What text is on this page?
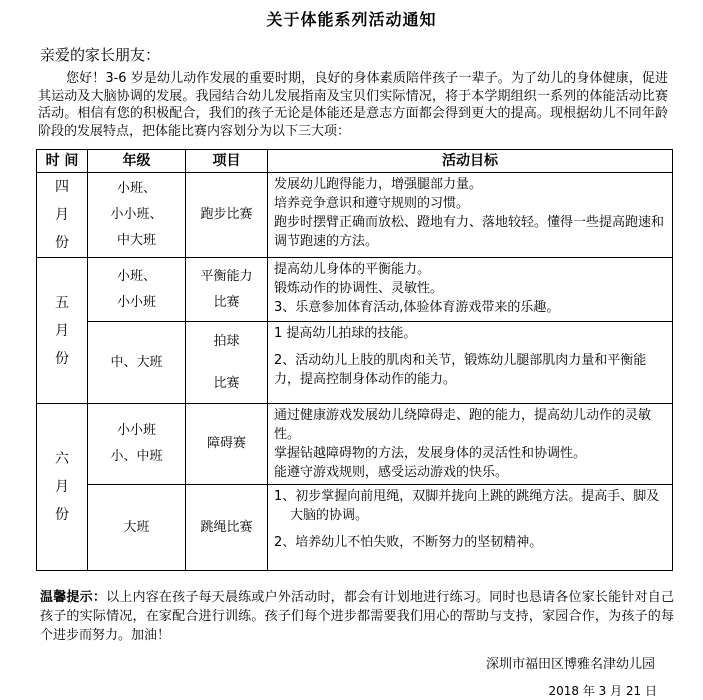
关于体能系列活动通知
亲爱的家长朋友：
您好！3-6 岁是幼儿动作发展的重要时期，良好的身体素质陪伴孩子一辈子。为了幼儿的身体健康，促进其运动及大脑协调的发展。我园结合幼儿发展指南及宝贝们实际情况，将于本学期组织一系列的体能活动比赛活动。相信有您的积极配合，我们的孩子无论是体能还是意志方面都会得到更大的提高。现根据幼儿不同年龄阶段的发展特点，把体能比赛内容划分为以下三大项：
时 间	年级	项目	活动目标

四
月
份	小班、
小小班、
中大班	跑步比赛	发展幼儿跑得能力，增强腿部力量。
培养竞争意识和遵守规则的习惯。
跑步时摆臂正确而放松、蹬地有力、落地较轻。懂得一些提高跑速和调节跑速的方法。

五
月
份	小班、
小小班	平衡能力
比赛	提高幼儿身体的平衡能力。
锻炼动作的协调性、灵敏性。
3、乐意参加体育活动,体验体育游戏带来的乐趣。

	中、大班	拍球
比赛	1 提高幼儿拍球的技能。
2、活动幼儿上肢的肌肉和关节，锻炼幼儿腿部肌肉力量和平衡能力，提高控制身体动作的能力。

六
月
份	小小班
小、中班	障碍赛	通过健康游戏发展幼儿绕障碍走、跑的能力，提高幼儿动作的灵敏性。
掌握钻越障碍物的方法，发展身体的灵活性和协调性。
能遵守游戏规则，感受运动游戏的快乐。

	大班	跳绳比赛	1、初步掌握向前甩绳，双脚并拢向上跳的跳绳方法。提高手、脚及大脑的协调。
2、培养幼儿不怕失败，不断努力的坚韧精神。
温馨提示：以上内容在孩子每天晨练或户外活动时，都会有计划地进行练习。同时也恳请各位家长能针对自己孩子的实际情况，在家配合进行训练。孩子们每个进步都需要我们用心的帮助与支持，家园合作，为孩子的每个进步而努力。加油！
深圳市福田区博雅名津幼儿园
2018 年 3 月 21 日
